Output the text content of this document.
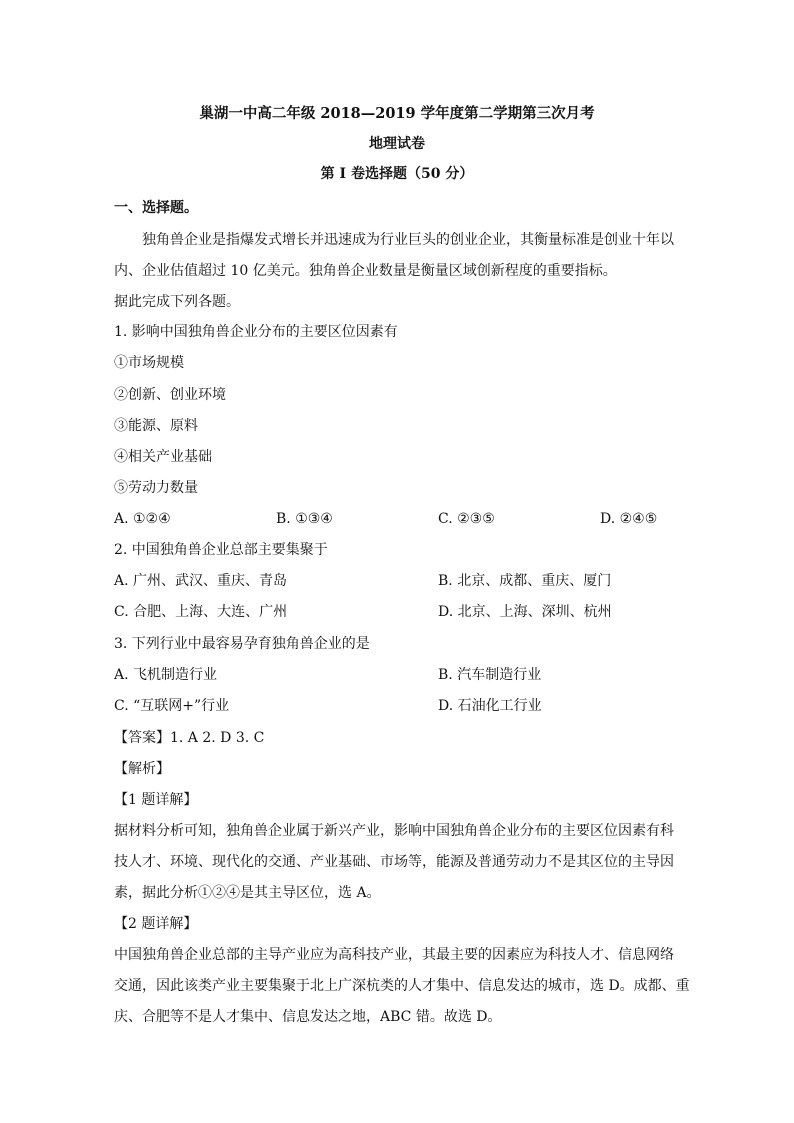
巢湖一中高二年级 2018—2019 学年度第二学期第三次月考
地理试卷
第 I 卷选择题（50 分）
一、选择题。
独角兽企业是指爆发式增长并迅速成为行业巨头的创业企业，其衡量标准是创业十年以
内、企业估值超过 10 亿美元。独角兽企业数量是衡量区域创新程度的重要指标。
据此完成下列各题。
1. 影响中国独角兽企业分布的主要区位因素有
①市场规模
②创新、创业环境
③能源、原料
④相关产业基础
⑤劳动力数量
A. ①②④	B. ①③④	C. ②③⑤	D. ②④⑤
2. 中国独角兽企业总部主要集聚于
A. 广州、武汉、重庆、青岛	B. 北京、成都、重庆、厦门
C. 合肥、上海、大连、广州	D. 北京、上海、深圳、杭州
3. 下列行业中最容易孕育独角兽企业的是
A. 飞机制造行业	B. 汽车制造行业
C. “互联网+”行业	D. 石油化工行业
【答案】1. A 2. D 3. C
【解析】
【1 题详解】
据材料分析可知，独角兽企业属于新兴产业，影响中国独角兽企业分布的主要区位因素有科
技人才、环境、现代化的交通、产业基础、市场等，能源及普通劳动力不是其区位的主导因
素，据此分析①②④是其主导区位，选 A。
【2 题详解】
中国独角兽企业总部的主导产业应为高科技产业，其最主要的因素应为科技人才、信息网络
交通，因此该类产业主要集聚于北上广深杭类的人才集中、信息发达的城市，选 D。成都、重
庆、合肥等不是人才集中、信息发达之地，ABC 错。故选 D。
